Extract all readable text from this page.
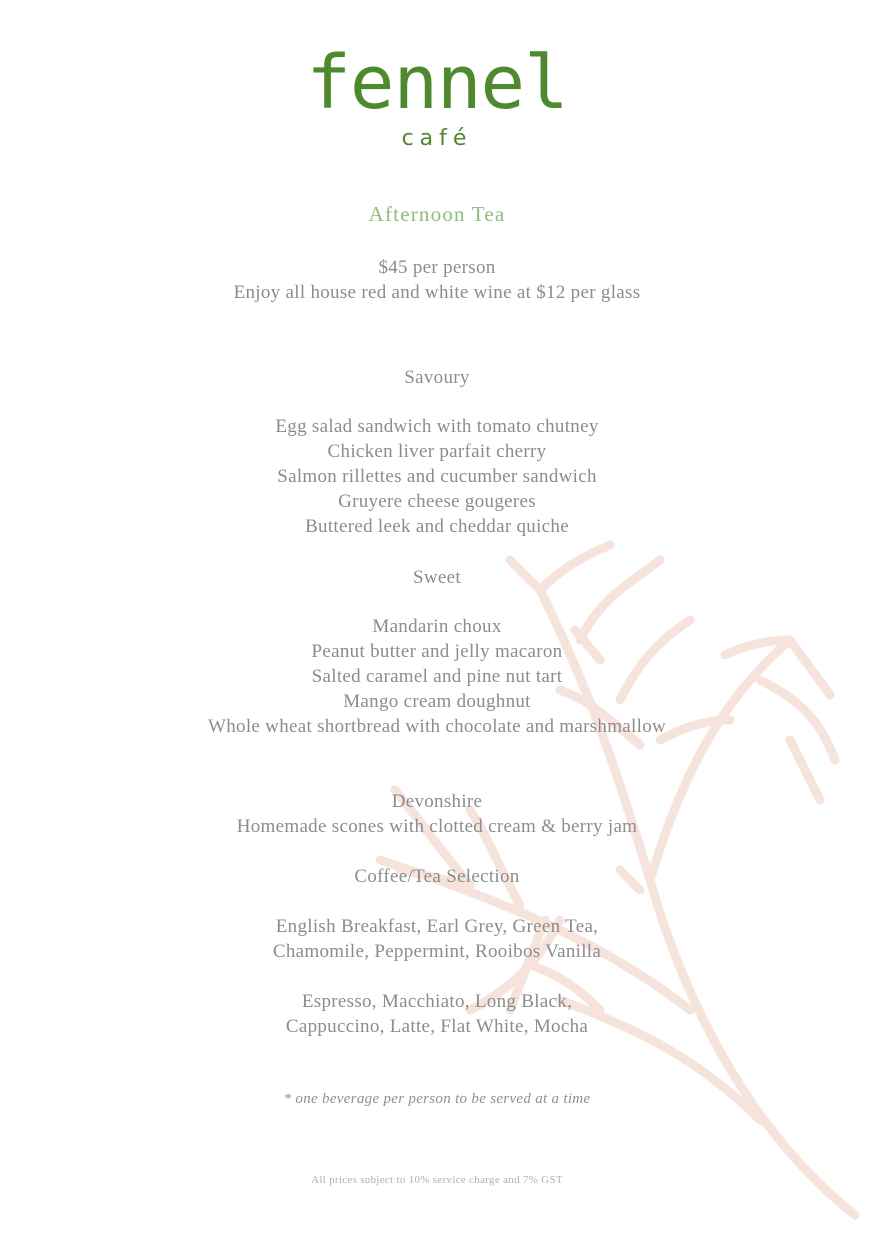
fennel
café
Afternoon Tea
$45 per person
Enjoy all house red and white wine at $12 per glass
Savoury
Egg salad sandwich with tomato chutney
Chicken liver parfait cherry
Salmon rillettes and cucumber sandwich
Gruyere cheese gougeres
Buttered leek and cheddar quiche
Sweet
Mandarin choux
Peanut butter and jelly macaron
Salted caramel and pine nut tart
Mango cream doughnut
Whole wheat shortbread with chocolate and marshmallow
Devonshire
Homemade scones with clotted cream & berry jam
Coffee/Tea Selection
English Breakfast, Earl Grey, Green Tea,
Chamomile, Peppermint, Rooibos Vanilla
Espresso, Macchiato, Long Black,
Cappuccino, Latte, Flat White, Mocha
* one beverage per person to be served at a time
All prices subject to 10% service charge and 7% GST
